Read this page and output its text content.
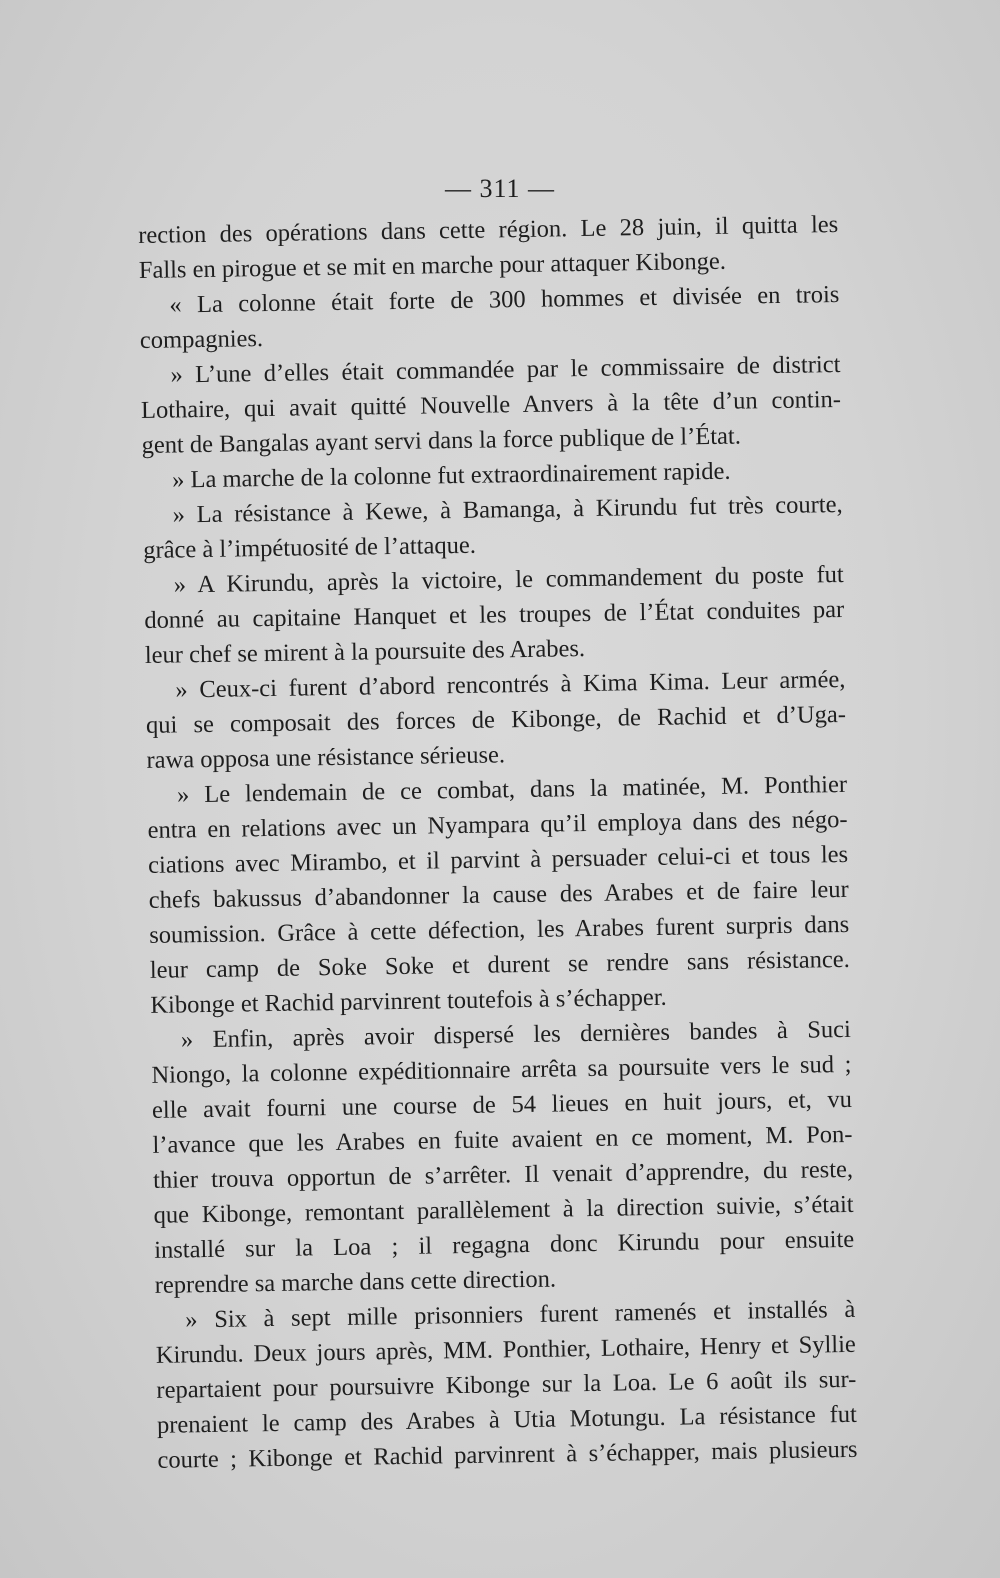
— 311 —
rection des opérations dans cette région. Le 28 juin, il quitta les
Falls en pirogue et se mit en marche pour attaquer Kibonge.
« La colonne était forte de 300 hommes et divisée en trois
compagnies.
» L’une d’elles était commandée par le commissaire de district
Lothaire, qui avait quitté Nouvelle Anvers à la tête d’un contin-
gent de Bangalas ayant servi dans la force publique de l’État.
» La marche de la colonne fut extraordinairement rapide.
» La résistance à Kewe, à Bamanga, à Kirundu fut très courte,
grâce à l’impétuosité de l’attaque.
» A Kirundu, après la victoire, le commandement du poste fut
donné au capitaine Hanquet et les troupes de l’État conduites par
leur chef se mirent à la poursuite des Arabes.
» Ceux-ci furent d’abord rencontrés à Kima Kima. Leur armée,
qui se composait des forces de Kibonge, de Rachid et d’Uga-
rawa opposa une résistance sérieuse.
» Le lendemain de ce combat, dans la matinée, M. Ponthier
entra en relations avec un Nyampara qu’il employa dans des négo-
ciations avec Mirambo, et il parvint à persuader celui-ci et tous les
chefs bakussus d’abandonner la cause des Arabes et de faire leur
soumission. Grâce à cette défection, les Arabes furent surpris dans
leur camp de Soke Soke et durent se rendre sans résistance.
Kibonge et Rachid parvinrent toutefois à s’échapper.
» Enfin, après avoir dispersé les dernières bandes à Suci
Niongo, la colonne expéditionnaire arrêta sa poursuite vers le sud ;
elle avait fourni une course de 54 lieues en huit jours, et, vu
l’avance que les Arabes en fuite avaient en ce moment, M. Pon-
thier trouva opportun de s’arrêter. Il venait d’apprendre, du reste,
que Kibonge, remontant parallèlement à la direction suivie, s’était
installé sur la Loa ; il regagna donc Kirundu pour ensuite
reprendre sa marche dans cette direction.
» Six à sept mille prisonniers furent ramenés et installés à
Kirundu. Deux jours après, MM. Ponthier, Lothaire, Henry et Syllie
repartaient pour poursuivre Kibonge sur la Loa. Le 6 août ils sur-
prenaient le camp des Arabes à Utia Motungu. La résistance fut
courte ; Kibonge et Rachid parvinrent à s’échapper, mais plusieurs
